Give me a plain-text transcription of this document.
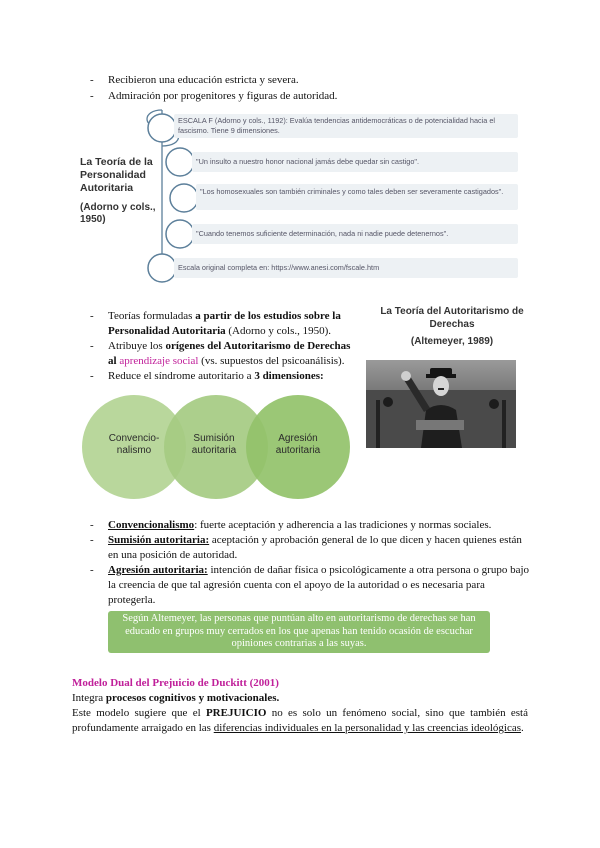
- Recibieron una educación estricta y severa.
- Admiración por progenitores y figuras de autoridad.
La Teoría de la Personalidad Autoritaria
(Adorno y cols., 1950)
ESCALA F (Adorno y cols., 1192): Evalúa tendencias antidemocráticas o de potencialidad hacia el fascismo. Tiene 9 dimensiones.
"Un insulto a nuestro honor nacional jamás debe quedar sin castigo".
"Los homosexuales son también criminales y como tales deben ser severamente castigados".
"Cuando tenemos suficiente determinación, nada ni nadie puede detenernos".
Escala original completa en: https://www.anesi.com/fscale.htm
- Teorías formuladas a partir de los estudios sobre la Personalidad Autoritaria (Adorno y cols., 1950).
- Atribuye los orígenes del Autoritarismo de Derechas al aprendizaje social (vs. supuestos del psicoanálisis).
- Reduce el síndrome autoritario a 3 dimensiones:
La Teoría del Autoritarismo de Derechas
(Altemeyer, 1989)
Convencio-nalismo
Sumisión autoritaria
Agresión autoritaria
- Convencionalismo: fuerte aceptación y adherencia a las tradiciones y normas sociales.
- Sumisión autoritaria: aceptación y aprobación general de lo que dicen y hacen quienes están en una posición de autoridad.
- Agresión autoritaria: intención de dañar física o psicológicamente a otra persona o grupo bajo la creencia de que tal agresión cuenta con el apoyo de la autoridad o es necesaria para protegerla.
Según Altemeyer, las personas que puntúan alto en autoritarismo de derechas se han educado en grupos muy cerrados en los que apenas han tenido ocasión de escuchar opiniones contrarias a las suyas.
Modelo Dual del Prejuicio de Duckitt (2001)
Integra procesos cognitivos y motivacionales.
Este modelo sugiere que el PREJUICIO no es solo un fenómeno social, sino que también está profundamente arraigado en las diferencias individuales en la personalidad y las creencias ideológicas.
